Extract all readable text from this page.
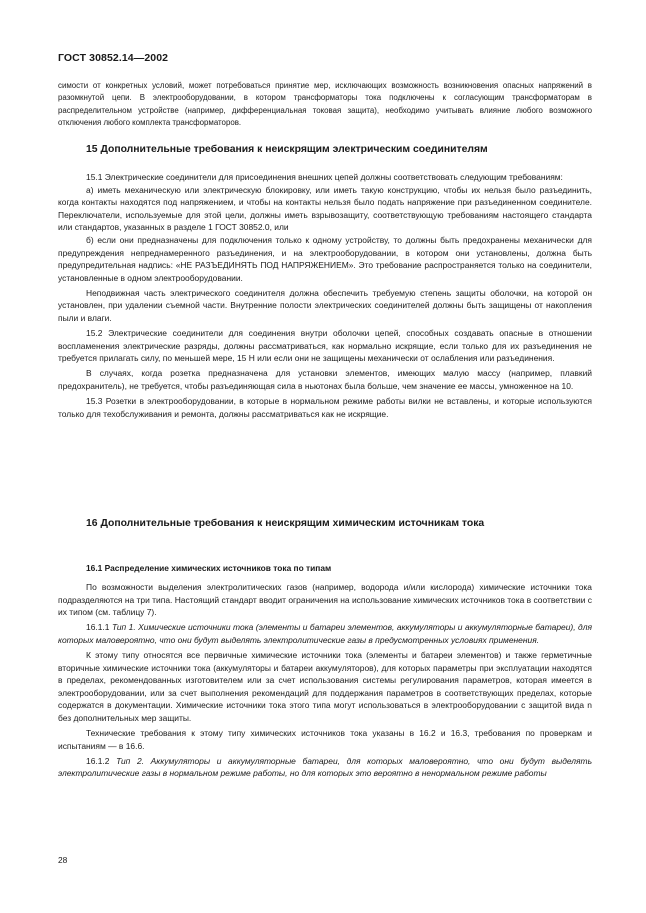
ГОСТ 30852.14—2002
симости от конкретных условий, может потребоваться принятие мер, исключающих возможность возникновения опасных напряжений в разомкнутой цепи. В электрооборудовании, в котором трансформаторы тока подключены к согласующим трансформаторам в распределительном устройстве (например, дифференциальная токовая защита), необходимо учитывать влияние любого возможного отключения любого комплекта трансформаторов.
15 Дополнительные требования к неискрящим электрическим соединителям

15.1 Электрические соединители для присоединения внешних цепей должны соответствовать следующим требованиям:

а) иметь механическую или электрическую блокировку, или иметь такую конструкцию, чтобы их нельзя было разъединить, когда контакты находятся под напряжением, и чтобы на контакты нельзя было подать напряжение при разъединенном соединителе. Переключатели, используемые для этой цели, должны иметь взрывозащиту, соответствующую требованиям настоящего стандарта или стандартов, указанных в разделе 1 ГОСТ 30852.0, или

б) если они предназначены для подключения только к одному устройству, то должны быть предохранены механически для предупреждения непреднамеренного разъединения, и на электрооборудовании, в котором они установлены, должна быть предупредительная надпись: «НЕ РАЗЪЕДИНЯТЬ ПОД НАПРЯЖЕНИЕМ». Это требование распространяется только на соединители, установленные в одном электрооборудовании.

Неподвижная часть электрического соединителя должна обеспечить требуемую степень защиты оболочки, на которой он установлен, при удалении съемной части. Внутренние полости электрических соединителей должны быть защищены от накопления пыли и влаги.

15.2 Электрические соединители для соединения внутри оболочки цепей, способных создавать опасные в отношении воспламенения электрические разряды, должны рассматриваться, как нормально искрящие, если только для их разъединения не требуется прилагать силу, по меньшей мере, 15 Н или если они не защищены механически от ослабления или разъединения.

В случаях, когда розетка предназначена для установки элементов, имеющих малую массу (например, плавкий предохранитель), не требуется, чтобы разъединяющая сила в ньютонах была больше, чем значение ее массы, умноженное на 10.

15.3 Розетки в электрооборудовании, в которые в нормальном режиме работы вилки не вставлены, и которые используются только для техобслуживания и ремонта, должны рассматриваться как не искрящие.

16 Дополнительные требования к неискрящим химическим источникам тока
16.1 Распределение химических источников тока по типам

По возможности выделения электролитических газов (например, водорода и/или кислорода) химические источники тока подразделяются на три типа. Настоящий стандарт вводит ограничения на использование химических источников тока в соответствии с их типом (см. таблицу 7).

16.1.1 Тип 1. Химические источники тока (элементы и батареи элементов, аккумуляторы и аккумуляторные батареи), для которых маловероятно, что они будут выделять электролитические газы в предусмотренных условиях применения.

К этому типу относятся все первичные химические источники тока (элементы и батареи элементов) и также герметичные вторичные химические источники тока (аккумуляторы и батареи аккумуляторов), для которых параметры при эксплуатации находятся в пределах, рекомендованных изготовителем или за счет использования системы регулирования параметров, которая имеется в электрооборудовании, или за счет выполнения рекомендаций для поддержания параметров в соответствующих пределах, которые содержатся в документации. Химические источники тока этого типа могут использоваться в электрооборудовании с защитой вида n без дополнительных мер защиты.

Технические требования к этому типу химических источников тока указаны в 16.2 и 16.3, требования по проверкам и испытаниям — в 16.6.

16.1.2 Тип 2. Аккумуляторы и аккумуляторные батареи, для которых маловероятно, что они будут выделять электролитические газы в нормальном режиме работы, но для которых это вероятно в ненормальном режиме работы

28
